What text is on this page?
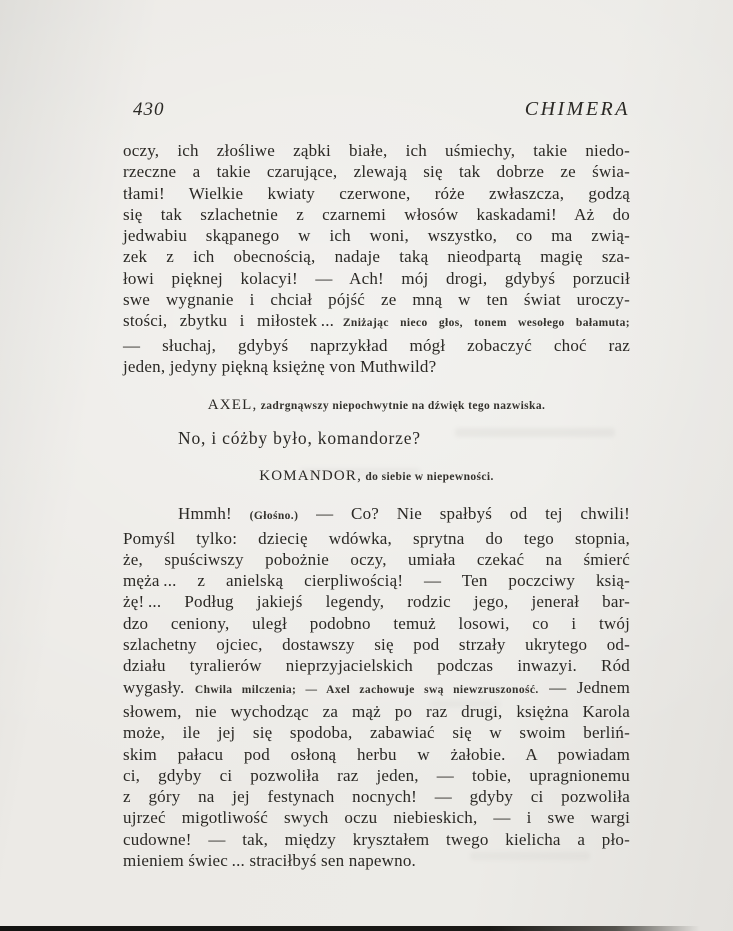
430	CHIMERA
oczy, ich złośliwe ząbki białe, ich uśmiechy, takie niedo-
rzeczne a takie czarujące, zlewają się tak dobrze ze świa-
tłami! Wielkie kwiaty czerwone, róże zwłaszcza, godzą
się tak szlachetnie z czarnemi włosów kaskadami! Aż do
jedwabiu skąpanego w ich woni, wszystko, co ma zwią-
zek z ich obecnością, nadaje taką nieodpartą magię sza-
łowi pięknej kolacyi! — Ach! mój drogi, gdybyś porzucił
swe wygnanie i chciał pójść ze mną w ten świat uroczy-
stości, zbytku i miłostek ... Zniżając nieco głos, tonem wesołego bałamuta;
— słuchaj, gdybyś naprzykład mógł zobaczyć choć raz
jeden, jedyny piękną księżnę von Muthwild?
AXEL, zadrgnąwszy niepochwytnie na dźwięk tego nazwiska.
No, i cóżby było, komandorze?
KOMANDOR, do siebie w niepewności.
Hmmh! (Głośno.) — Co? Nie spałbyś od tej chwili!
Pomyśl tylko: dziecię wdówka, sprytna do tego stopnia,
że, spuściwszy pobożnie oczy, umiała czekać na śmierć
męża ... z anielską cierpliwością! — Ten poczciwy ksią-
żę! ... Podług jakiejś legendy, rodzic jego, jenerał bar-
dzo ceniony, uległ podobno temuż losowi, co i twój
szlachetny ojciec, dostawszy się pod strzały ukrytego od-
działu tyralierów nieprzyjacielskich podczas inwazyi. Ród
wygasły. Chwila milczenia; — Axel zachowuje swą niewzruszoność. — Jednem
słowem, nie wychodząc za mąż po raz drugi, księżna Karola
może, ile jej się spodoba, zabawiać się w swoim berliń-
skim pałacu pod osłoną herbu w żałobie. A powiadam
ci, gdyby ci pozwoliła raz jeden, — tobie, upragnionemu
z góry na jej festynach nocnych! — gdyby ci pozwoliła
ujrzeć migotliwość swych oczu niebieskich, — i swe wargi
cudowne! — tak, między kryształem twego kielicha a pło-
mieniem świec ... straciłbyś sen napewno.
